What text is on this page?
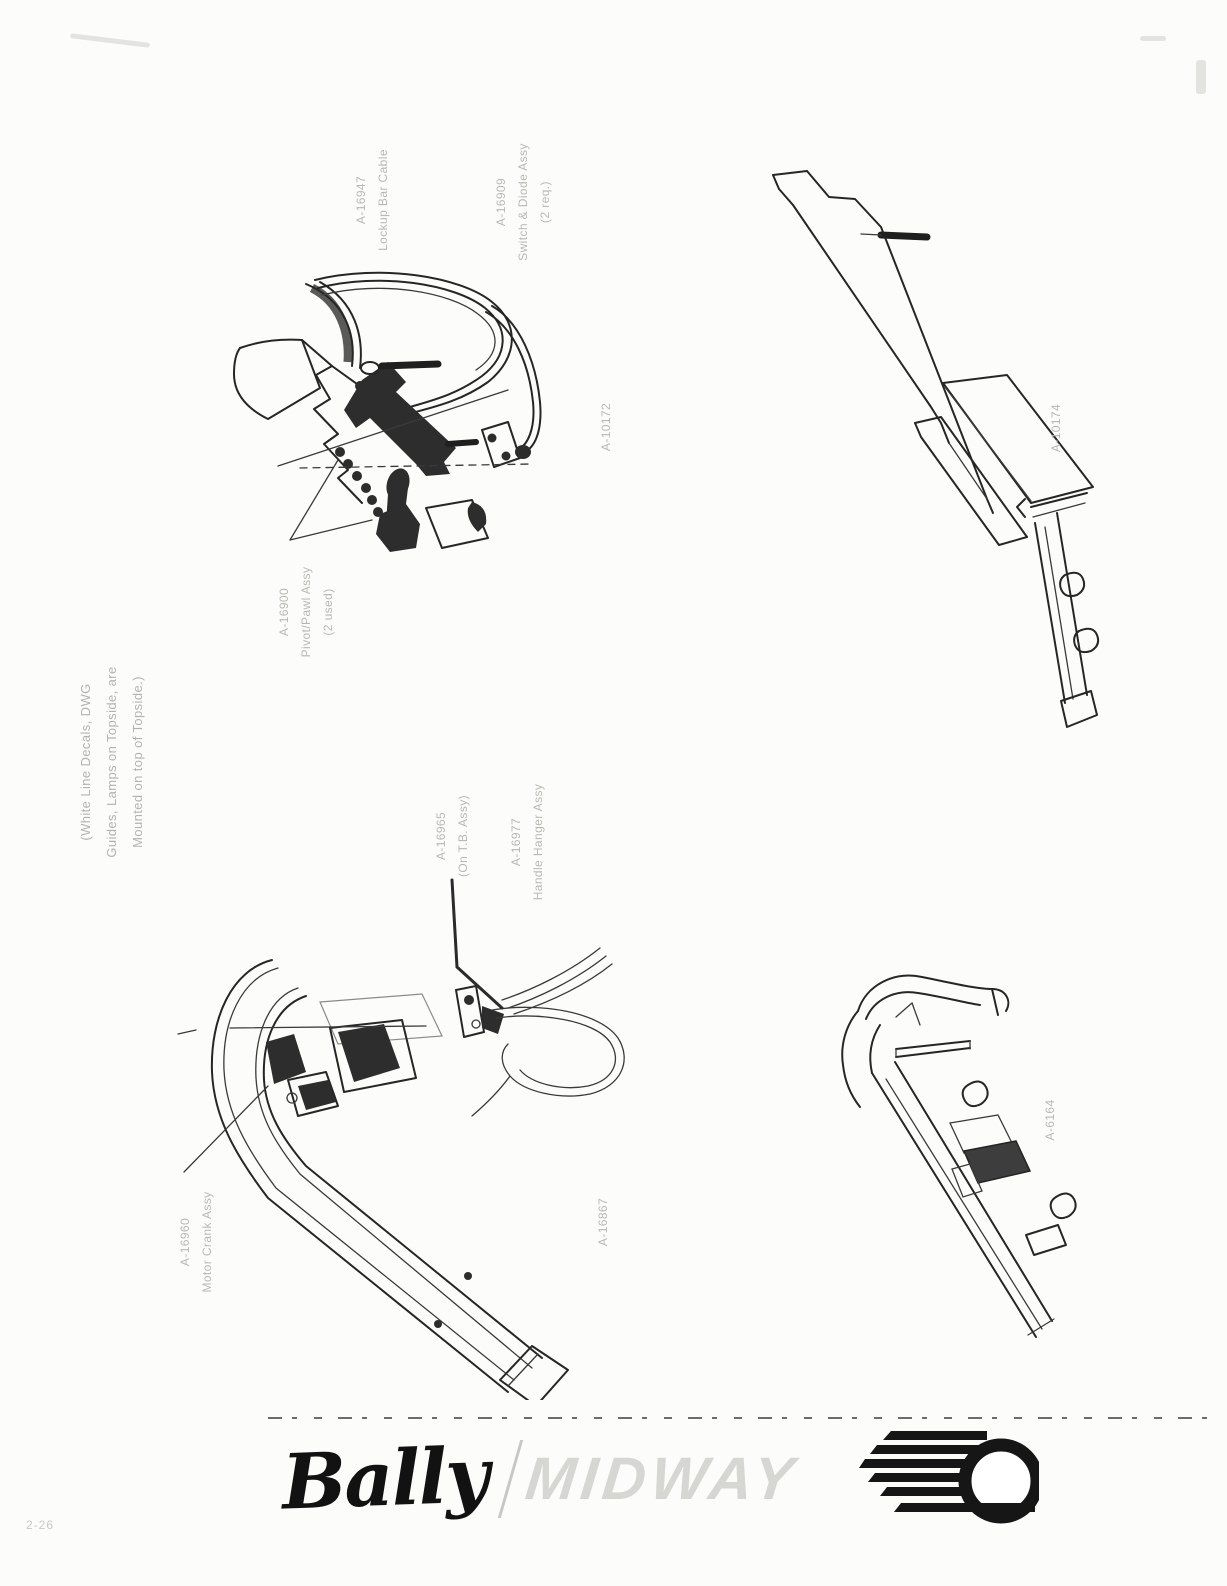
A-16947 Lockup Bar Cable	A-16909 Switch & Diode Assy (2 req.)
A-10172	A-10174
A-16900 Pivot/Pawl Assy (2 used)
(White Line Decals, DWG Guides, Lamps on Topside, are Mounted on top of Topside.)	A-16965 (On T.B. Assy)	A-16977 Handle Hanger Assy
A-16960 Motor Crank Assy	A-16867
A-6164
Bally MIDWAY
2-26
